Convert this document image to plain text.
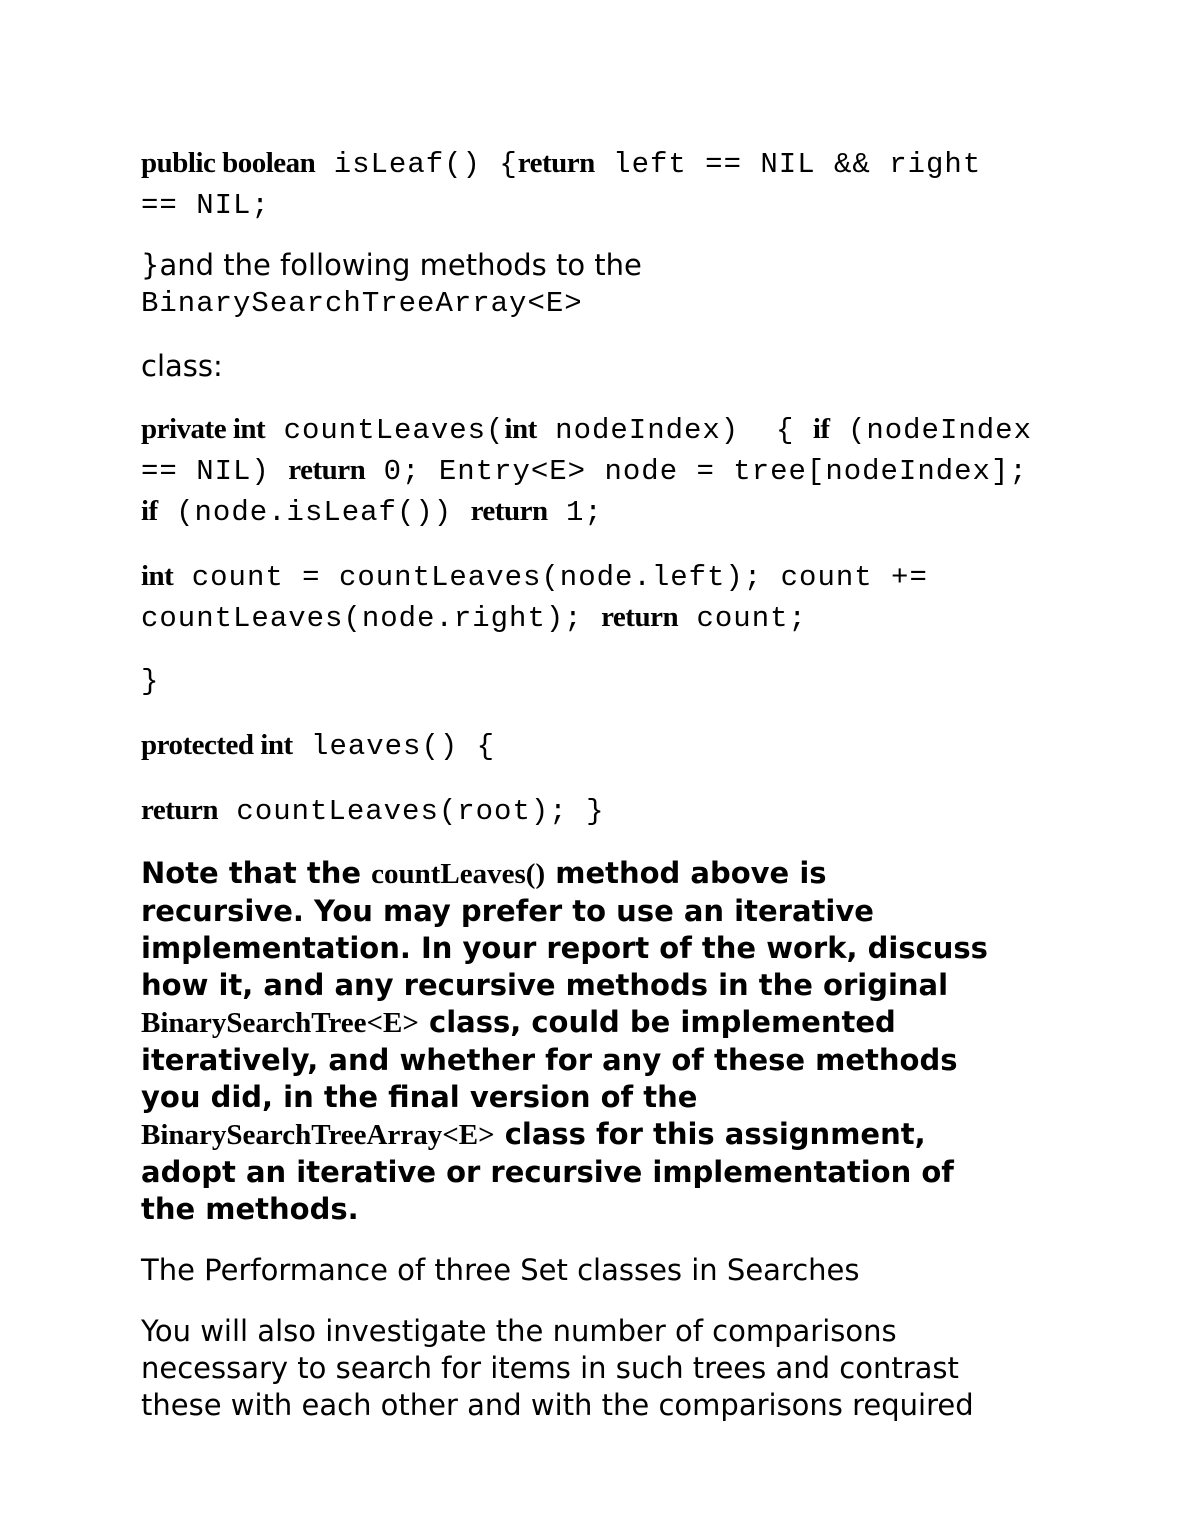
public boolean isLeaf() {return left == NIL && right
== NIL;
}and the following methods to the
BinarySearchTreeArray<E>
class:
private int countLeaves(int nodeIndex)  { if (nodeIndex
== NIL) return 0; Entry<E> node = tree[nodeIndex];
if (node.isLeaf()) return 1;
int count = countLeaves(node.left); count +=
countLeaves(node.right); return count;
}
protected int leaves() {
return countLeaves(root); }
Note that the countLeaves() method above is
recursive. You may prefer to use an iterative
implementation. In your report of the work, discuss
how it, and any recursive methods in the original
BinarySearchTree<E> class, could be implemented
iteratively, and whether for any of these methods
you did, in the final version of the
BinarySearchTreeArray<E> class for this assignment,
adopt an iterative or recursive implementation of
the methods.
The Performance of three Set classes in Searches
You will also investigate the number of comparisons
necessary to search for items in such trees and contrast
these with each other and with the comparisons required
